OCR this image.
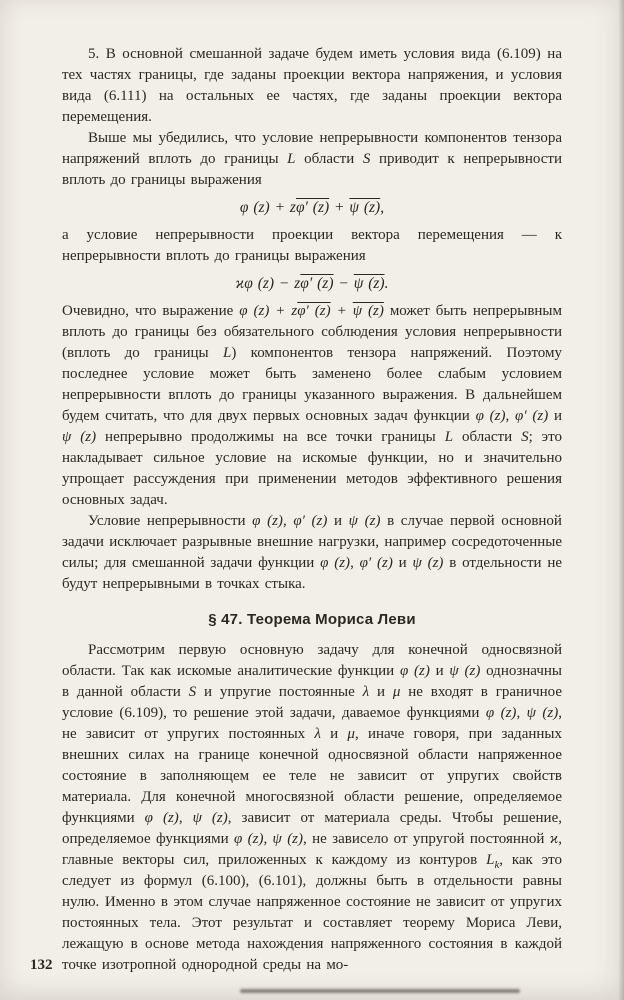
5. В основной смешанной задаче будем иметь условия вида (6.109) на тех частях границы, где заданы проекции вектора напряжения, и условия вида (6.111) на остальных ее частях, где заданы проекции вектора перемещения.

Выше мы убедились, что условие непрерывности компонентов тензора напряжений вплоть до границы L области S приводит к непрерывности вплоть до границы выражения

φ (z) + zφ′ (z) + ψ (z),

а условие непрерывности проекции вектора перемещения — к непрерывности вплоть до границы выражения

ϰφ (z) − zφ′ (z) − ψ (z).

Очевидно, что выражение φ (z) + zφ′ (z) + ψ (z) может быть непрерывным вплоть до границы без обязательного соблюдения условия непрерывности (вплоть до границы L) компонентов тензора напряжений. Поэтому последнее условие может быть заменено более слабым условием непрерывности вплоть до границы указанного выражения. В дальнейшем будем считать, что для двух первых основных задач функции φ (z), φ′ (z) и ψ (z) непрерывно продолжимы на все точки границы L области S; это накладывает сильное условие на искомые функции, но и значительно упрощает рассуждения при применении методов эффективного решения основных задач.

Условие непрерывности φ (z), φ′ (z) и ψ (z) в случае первой основной задачи исключает разрывные внешние нагрузки, например сосредоточенные силы; для смешанной задачи функции φ (z), φ′ (z) и ψ (z) в отдельности не будут непрерывными в точках стыка.

§ 47. Теорема Мориса Леви

Рассмотрим первую основную задачу для конечной односвязной области. Так как искомые аналитические функции φ (z) и ψ (z) однозначны в данной области S и упругие постоянные λ и μ не входят в граничное условие (6.109), то решение этой задачи, даваемое функциями φ (z), ψ (z), не зависит от упругих постоянных λ и μ, иначе говоря, при заданных внешних силах на границе конечной односвязной области напряженное состояние в заполняющем ее теле не зависит от упругих свойств материала. Для конечной многосвязной области решение, определяемое функциями φ (z), ψ (z), зависит от материала среды. Чтобы решение, определяемое функциями φ (z), ψ (z), не зависело от упругой постоянной ϰ, главные векторы сил, приложенных к каждому из контуров $L_k$, как это следует из формул (6.100), (6.101), должны быть в отдельности равны нулю. Именно в этом случае напряженное состояние не зависит от упругих постоянных тела. Этот результат и составляет теорему Мориса Леви, лежащую в основе метода нахождения напряженного состояния в каждой точке изотропной однородной среды на мо-

132
